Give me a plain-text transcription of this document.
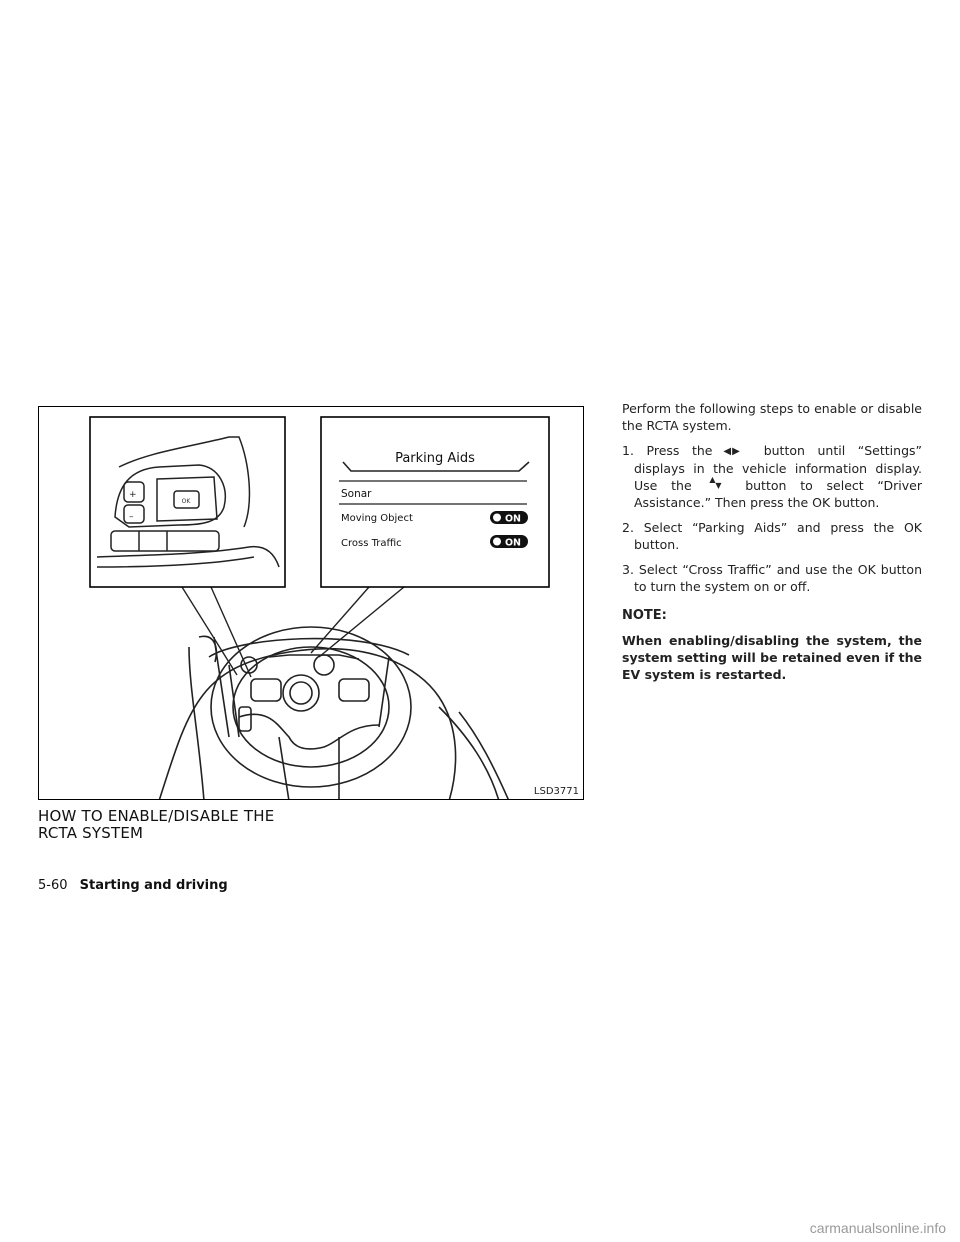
OK
+
–
Parking Aids
Sonar
Moving Object	ON
Cross Traffic	ON
LSD3771
HOW TO ENABLE/DISABLE THE
RCTA SYSTEM

Perform the following steps to enable or disable the RCTA system.

1. Press the ◀▶ button until “Settings” displays in the vehicle information display. Use the ▲
▼ button to select “Driver Assistance.” Then press the OK button.

2. Select “Parking Aids” and press the OK button.

3. Select “Cross Traffic” and use the OK button to turn the system on or off.

NOTE:

When enabling/disabling the system, the system setting will be retained even if the EV system is restarted.

5-60 Starting and driving
carmanualsonline.info
